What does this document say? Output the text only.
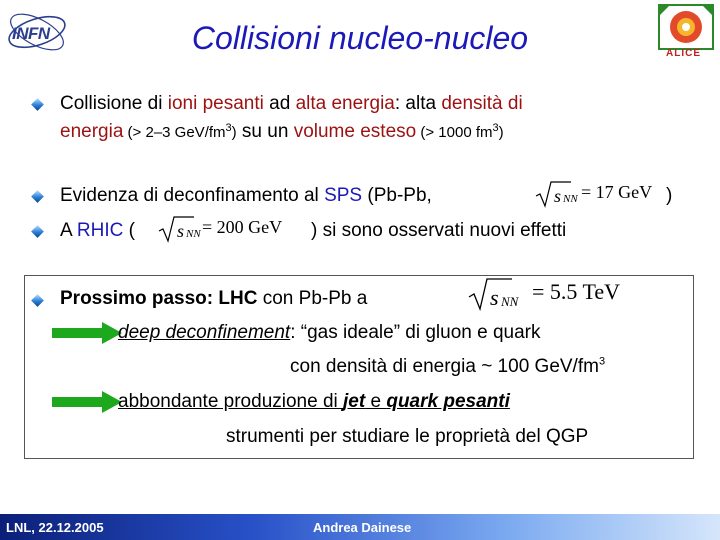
INFN
ALICE
Collisioni nucleo-nucleo
Collisione di ioni pesanti ad alta energia: alta densità di
energia (> 2–3 GeV/$fm^3$) su un volume esteso (> 1000 $fm^3$)
Evidenza di deconfinamento al SPS (Pb-Pb,	s NN = 17 GeV )
A RHIC ( s NN = 200 GeV ) si sono osservati nuovi effetti
Prossimo passo: LHC con Pb-Pb a	s NN = 5.5 TeV
deep deconfinement: “gas ideale” di gluon e quark
con densità di energia ~ 100 GeV/$fm^3$
abbondante produzione di jet e quark pesanti
strumenti per studiare le proprietà del QGP
LNL, 22.12.2005	Andrea Dainese
